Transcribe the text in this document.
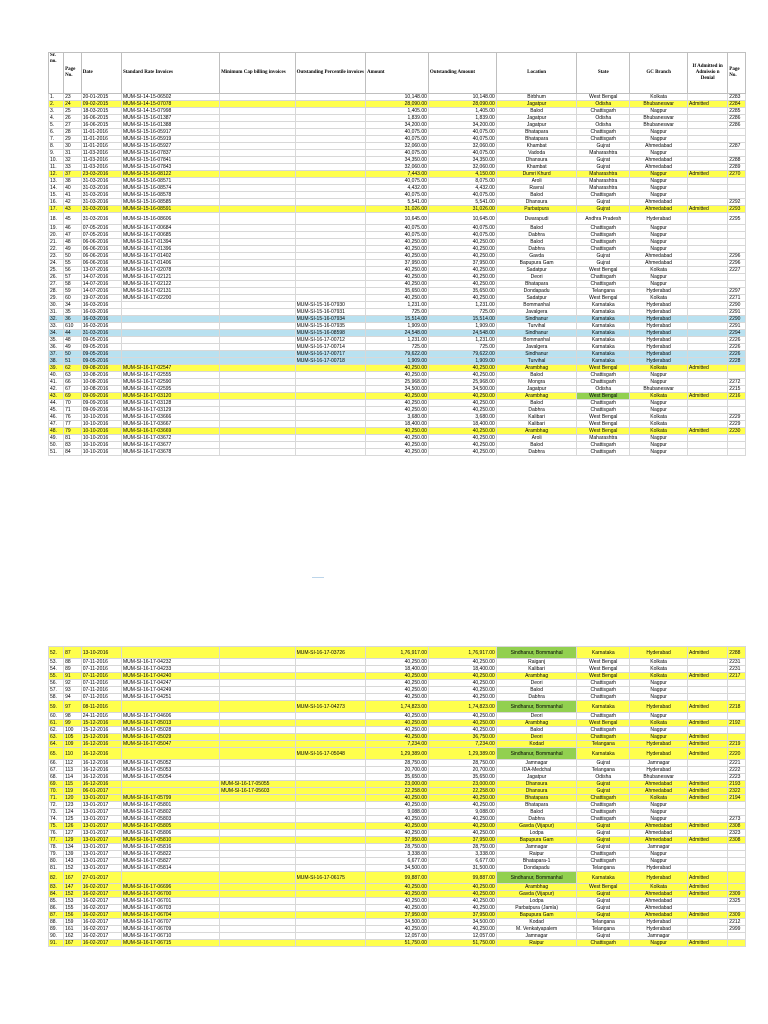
Sr. no.	Page No.	Date	Standard Rate Invoices	Minimum Cap billing invoices	Outstanding Percentile invoices	Amount	Outstanding Amount	Location	State	GC Branch	If Admitted in Admissio n Denial	Page No.
1.	23	20-01-2015	MUM-SI-14-15-06502			10,148.00	10,148.00	Birbhum	West Bengal	Kolkata		2283
2.	24	09-02-2015	MUM-SI-14-15-07078			28,090.00	28,090.00	Jagatpur	Odisha	Bhubaneswar	Admitted	2284
3.	25	18-03-2015	MUM-SI-14-15-07998			1,405.00	1,405.00	Balod	Chattisgarh	Nagpur		2285
4.	26	16-06-2015	MUM-SI-15-16-01387			1,839.00	1,839.00	Jagatpur	Odisha	Bhubaneswar		2286
5.	27	16-06-2015	MUM-SI-15-16-01388			34,200.00	34,200.00	Jagatpur	Odisha	Bhubaneswar		2286
6.	28	11-01-2016	MUM-SI-15-16-05917			40,075.00	40,075.00	Bhatapara	Chattisgarh	Nagpur		
7.	29	11-01-2016	MUM-SI-15-16-05919			40,075.00	40,075.00	Bhatapara	Chattisgarh	Nagpur		
8.	30	11-01-2016	MUM-SI-15-16-05927			32,060.00	32,060.00	Khambat	Gujrat	Ahmedabad		2287
9.	31	11-03-2016	MUM-SI-15-16-07837			40,075.00	40,075.00	Vadoda	Maharashtra	Nagpur		
10.	32	11-03-2016	MUM-SI-15-16-07841			34,350.00	34,350.00	Dhansura	Gujrat	Ahmedabad		2288
11.	33	11-03-2016	MUM-SI-15-16-07843			32,060.00	32,060.00	Khambat	Gujrat	Ahmedabad		2289
12.	37	23-03-2016	MUM-SI-15-16-08122			7,443.00	4,150.00	Dumri Khurd	Maharashtra	Nagpur	Admitted	2270
13.	38	31-03-2016	MUM-SI-15-16-08571			40,075.00	8,075.00	Aroli	Maharashtra	Nagpur		
14.	40	31-03-2016	MUM-SI-15-16-08574			4,432.00	4,432.00	Ravral	Maharashtra	Nagpur		
15.	41	31-03-2016	MUM-SI-15-16-08578			40,075.00	40,075.00	Balod	Chattisgarh	Nagpur		
16.	42	31-03-2016	MUM-SI-15-16-08585			5,541.00	5,541.00	Dhansura	Gujrat	Ahmedabad		2292
17.	43	31-03-2016	MUM-SI-15-16-08591			31,026.00	31,026.00	Parbatpura	Gujrat	Ahmedabad	Admitted	2293
18.	45	31-03-2016	MUM-SI-15-16-08606			10,645.00	10,645.00	Dwarapudi	Andhra Pradesh	Hyderabad		2295
19.	46	07-05-2016	MUM-SI-16-17-00684			40,075.00	40,075.00	Balod	Chattisgarh	Nagpur		
20.	47	07-05-2016	MUM-SI-16-17-00685			40,075.00	40,075.00	Dabhra	Chattisgarh	Nagpur		
21.	48	06-06-2016	MUM-SI-16-17-01394			40,250.00	40,250.00	Balod	Chattisgarh	Nagpur		
22.	49	06-06-2016	MUM-SI-16-17-01396			40,250.00	40,250.00	Dabhra	Chattisgarh	Nagpur		
23.	50	06-06-2016	MUM-SI-16-17-01402			40,250.00	40,250.00	Gavda	Gujrat	Ahmedabad		2296
24.	55	06-06-2016	MUM-SI-16-17-01406			37,950.00	37,950.00	Bapupura Gam	Gujrat	Ahmedabad		2296
25.	56	13-07-2016	MUM-SI-16-17-02078			40,250.00	40,250.00	Sadatpur	West Bengal	Kolkata		2227
26.	57	14-07-2016	MUM-SI-16-17-02121			40,250.00	40,250.00	Deori	Chattisgarh	Nagpur		
27.	58	14-07-2016	MUM-SI-16-17-02122			40,250.00	40,250.00	Bhatapara	Chattisgarh	Nagpur		
28.	59	14-07-2016	MUM-SI-16-17-02131			35,650.00	35,650.00	Dondapadu	Telangana	Hyderabad		2297
29.	60	19-07-2016	MUM-SI-16-17-02200			40,250.00	40,250.00	Sadatpur	West Bengal	Kolkata		2271
30.	34	16-03-2016			MUM-SI-15-16-07930	1,231.00	1,231.00	Bommanhal	Karnataka	Hyderabad		2290
31.	35	16-03-2016			MUM-SI-15-16-07931	725.00	725.00	Javalgera	Karnataka	Hyderabad		2291
32.	36	16-03-2016			MUM-SI-15-16-07934	15,514.00	15,514.00	Sindhanur	Karnataka	Hyderabad		2290
33.	610	16-03-2016			MUM-SI-15-16-07935	1,909.00	1,909.00	Turvihal	Karnataka	Hyderabad		2291
34.	44	31-03-2016			MUM-SI-15-16-08598	24,548.00	24,548.00	Sindhanur	Karnataka	Hyderabad		2294
35.	48	09-05-2016			MUM-SI-16-17-00712	1,231.00	1,231.00	Bommanhal	Karnataka	Hyderabad		2226
36.	49	09-05-2016			MUM-SI-16-17-00714	725.00	725.00	Javalgera	Karnataka	Hyderabad		2226
37.	50	09-05-2016			MUM-SI-16-17-00717	79,622.00	79,622.00	Sindhanur	Karnataka	Hyderabad		2226
38.	51	09-05-2016			MUM-SI-16-17-00718	1,909.00	1,909.00	Turvihal	Karnataka	Hyderabad		2228
39.	62	09-08-2016	MUM-SI-16-17-02547			40,250.00	40,250.00	Arambhag	West Bengal	Kolkata	Admitted	
40.	63	10-08-2016	MUM-SI-16-17-02555			40,250.00	40,250.00	Balod	Chattisgarh	Nagpur		
41.	66	10-08-2016	MUM-SI-16-17-02590			25,968.00	25,968.00	Mongra	Chattisgarh	Nagpur		2272
42.	67	10-08-2016	MUM-SI-16-17-02595			34,500.00	34,500.00	Jagatpur	Odisha	Bhubaneswar		2215
43.	69	09-09-2016	MUM-SI-16-17-03120			40,250.00	40,250.00	Arambhag	West Bengal	Kolkata	Admitted	2216
44.	70	09-09-2016	MUM-SI-16-17-03128			40,250.00	40,250.00	Balod	Chattisgarh	Nagpur		
45.	71	09-09-2016	MUM-SI-16-17-03129			40,250.00	40,250.00	Dabhra	Chattisgarh	Nagpur		
46.	76	10-10-2016	MUM-SI-16-17-03666			3,680.00	3,680.00	Kalibari	West Bengal	Kolkata		2229
47.	77	10-10-2016	MUM-SI-16-17-03667			18,400.00	18,400.00	Kalibari	West Bengal	Kolkata		2229
48.	79	10-10-2016	MUM-SI-16-17-03669			40,250.00	40,250.00	Arambhag	West Bengal	Kolkata	Admitted	2230
49.	81	10-10-2016	MUM-SI-16-17-03672			40,250.00	40,250.00	Aroli	Maharashtra	Nagpur		
50.	83	10-10-2016	MUM-SI-16-17-03677			40,250.00	40,250.00	Balod	Chattisgarh	Nagpur		
51.	84	10-10-2016	MUM-SI-16-17-03678			40,250.00	40,250.00	Dabhra	Chattisgarh	Nagpur		
52.	87	13-10-2016			MUM-SI-16-17-03726	1,76,917.00	1,76,917.00	Sindhanur, Bommanhal	Karnataka	Hyderabad	Admitted	2288
53.	88	07-11-2016	MUM-SI-16-17-04232			40,250.00	40,250.00	Raiganj	West Bengal	Kolkata		2231
54.	89	07-11-2016	MUM-SI-16-17-04233			18,400.00	18,400.00	Kalibari	West Bengal	Kolkata		2231
55.	91	07-11-2016	MUM-SI-16-17-04240			40,250.00	40,250.00	Arambhag	West Bengal	Kolkata	Admitted	2217
56.	92	07-11-2016	MUM-SI-16-17-04247			40,250.00	40,250.00	Deori	Chattisgarh	Nagpur		
57.	93	07-11-2016	MUM-SI-16-17-04249			40,250.00	40,250.00	Balod	Chattisgarh	Nagpur		
58.	94	07-11-2016	MUM-SI-16-17-04251			40,250.00	40,250.00	Dabhra	Chattisgarh	Nagpur		
59.	97	08-11-2016			MUM-SI-16-17-04273	1,74,823.00	1,74,823.00	Sindhanur, Bommanhal	Karnataka	Hyderabad	Admitted	2218
60.	98	24-11-2016	MUM-SI-16-17-04606			40,250.00	40,250.00	Deori	Chattisgarh	Nagpur		
61.	99	15-12-2016	MUM-SI-16-17-05013			40,250.00	40,250.00	Arambhag	West Bengal	Kolkata	Admitted	2192
62.	100	15-12-2016	MUM-SI-16-17-05028			40,250.00	40,250.00	Balod	Chattisgarh	Nagpur		
63.	105	15-12-2016	MUM-SI-16-17-05029			40,250.00	36,750.00	Deori	Chattisgarh	Nagpur	Admitted	
64.	109	16-12-2016	MUM-SI-16-17-05047			7,234.00	7,234.00	Kodad	Telangana	Hyderabad	Admitted	2219
65.	110	16-12-2016			MUM-SI-16-17-05048	1,29,389.00	1,29,389.00	Sindhanur, Bommanhal	Karnataka	Hyderabad	Admitted	2220
66.	112	16-12-2016	MUM-SI-16-17-05052			28,750.00	28,750.00	Jamnagar	Gujrat	Jamnagar		2221
67.	113	16-12-2016	MUM-SI-16-17-05053			20,700.00	20,700.00	IDA-Medchal	Telangana	Hyderabad		2222
68.	114	16-12-2016	MUM-SI-16-17-05054			35,650.00	35,650.00	Jagatpur	Odisha	Bhubaneswar		2223
69.	115	16-12-2016		MUM-SI-16-17-05055		23,000.00	23,000.00	Dhansura	Gujrat	Ahmedabad	Admitted	2193
70.	119	06-01-2017		MUM-SI-16-17-05603		22,258.00	22,258.00	Dhansura	Gujrat	Ahmedabad	Admitted	2322
71.	120	13-01-2017	MUM-SI-16-17-05799			40,250.00	40,250.00	Bhatapara	Chattisgarh	Kolkata	Admitted	2194
72.	123	13-01-2017	MUM-SI-16-17-05801			40,250.00	40,250.00	Bhatapara	Chattisgarh	Nagpur		
73.	124	13-01-2017	MUM-SI-16-17-05802			9,088.00	9,088.00	Balod	Chattisgarh	Nagpur		
74.	125	13-01-2017	MUM-SI-16-17-05803			40,250.00	40,250.00	Dabhra	Chattisgarh	Nagpur		2273
75.	126	13-01-2017	MUM-SI-16-17-05805			40,250.00	40,250.00	Gavda (Vijapur)	Gujrat	Ahmedabad	Admitted	2308
76.	127	13-01-2017	MUM-SI-16-17-05806			40,250.00	40,250.00	Lodpa	Gujrat	Ahmedabad		2323
77.	129	13-01-2017	MUM-SI-16-17-05810			37,950.00	37,950.00	Bapupura Gam	Gujrat	Ahmedabad	Admitted	2308
78.	134	13-01-2017	MUM-SI-16-17-05816			28,750.00	28,750.00	Jamnagar	Gujrat	Jamnagar		
79.	139	13-01-2017	MUM-SI-16-17-05822			3,338.00	3,338.00	Raipur	Chattisgarh	Nagpur		
80.	143	13-01-2017	MUM-SI-16-17-05827			6,677.00	6,677.00	Bhatapara-1	Chattisgarh	Nagpur		
81.	152	13-01-2017	MUM-SI-16-17-05814			34,500.00	31,500.00	Dondapadu	Telangana	Hyderabad		
82.	167	27-01-2017			MUM-SI-16-17-06175	99,887.00	99,887.00	Sindhanur, Bommanhal	Karnataka	Hyderabad	Admitted	
83.	147	16-02-2017	MUM-SI-16-17-06696			40,250.00	40,250.00	Arambhag	West Bengal	Kolkata	Admitted	
84.	152	16-02-2017	MUM-SI-16-17-06700			40,250.00	40,250.00	Gavda (Vijapur)	Gujrat	Ahmedabad	Admitted	2309
85.	153	16-02-2017	MUM-SI-16-17-06701			40,250.00	40,250.00	Lodpa	Gujrat	Ahmedabad		2325
86.	155	16-02-2017	MUM-SI-16-17-06703			40,250.00	40,250.00	Parbatpura (Jamla)	Gujrat	Ahmedabad		
87.	156	16-02-2017	MUM-SI-16-17-06704			37,950.00	37,950.00	Bapupura Gam	Gujrat	Ahmedabad	Admitted	2309
88.	159	16-02-2017	MUM-SI-16-17-06707			34,500.00	34,500.00	Kodad	Telangana	Hyderabad		2212
89.	161	16-02-2017	MUM-SI-16-17-06709			40,250.00	40,250.00	M. Venkatyapalem	Telangana	Hyderabad		2999
90.	162	16-02-2017	MUM-SI-16-17-06710			12,057.00	12,057.00	Jamnagar	Gujrat	Jamnagar		
91.	167	16-02-2017	MUM-SI-16-17-06715			51,750.00	51,750.00	Raipur	Chattisgarh	Nagpur	Admitted	
